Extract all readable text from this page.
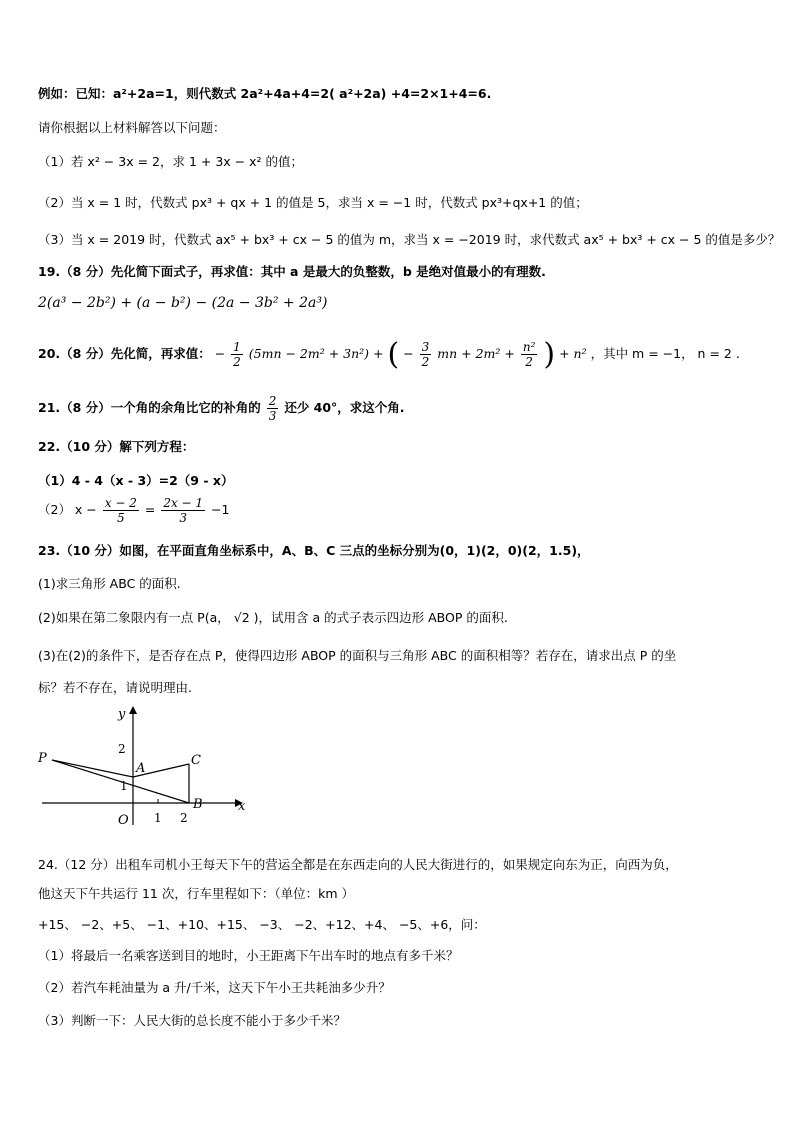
例如：已知：a²+2a=1，则代数式 2a²+4a+4=2( a²+2a) +4=2×1+4=6.
请你根据以上材料解答以下问题：
（1）若 x² − 3x = 2，求 1 + 3x − x² 的值；
（2）当 x = 1 时，代数式 px³ + qx + 1 的值是 5，求当 x = −1 时，代数式 px³+qx+1 的值；
（3）当 x = 2019 时，代数式 ax⁵ + bx³ + cx − 5 的值为 m，求当 x = −2019 时，求代数式 ax⁵ + bx³ + cx − 5 的值是多少？
19.（8 分）先化简下面式子，再求值：其中 a 是最大的负整数，b 是绝对值最小的有理数.
2(a³ − 2b²) + (a − b²) − (2a − 3b² + 2a³)
20.（8 分）先化简，再求值： − $\frac{1}{2} (5mn - 2m^2 + 3n^2)$ + ( − $\frac{3}{2}$ mn + $2m^2 + \frac{\text{n²}}{2}$ ) + n² ，其中 m = −1， n = 2 .
21.（8 分）一个角的余角比它的补角的 $\frac{2}{3}$ 还少 40°，求这个角.
22.（10 分）解下列方程：
（1）4 - 4（x - 3）=2（9 - x）
（2） $x - \frac{x - 2}{5} = \frac{2x - 1}{3} -1$
23.（10 分）如图，在平面直角坐标系中，A、B、C 三点的坐标分别为(0，1)(2，0)(2，1.5)，
(1)求三角形 ABC 的面积.
(2)如果在第二象限内有一点 P(a， √2 )，试用含 a 的式子表示四边形 ABOP 的面积.
(3)在(2)的条件下，是否存在点 P，使得四边形 ABOP 的面积与三角形 ABC 的面积相等？若存在，请求出点 P 的坐
标？若不存在，请说明理由.
y
x
2
1
1 2
P
A
C
B
O
24.（12 分）出租车司机小王每天下午的营运全都是在东西走向的人民大街进行的，如果规定向东为正，向西为负，
他这天下午共运行 11 次，行车里程如下：（单位：km ）
+15、 −2、+5、 −1、+10、+15、 −3、 −2、+12、+4、 −5、+6，问：
（1）将最后一名乘客送到目的地时，小王距离下午出车时的地点有多千米？
（2）若汽车耗油量为 a 升/千米，这天下午小王共耗油多少升？
（3）判断一下：人民大街的总长度不能小于多少千米？
